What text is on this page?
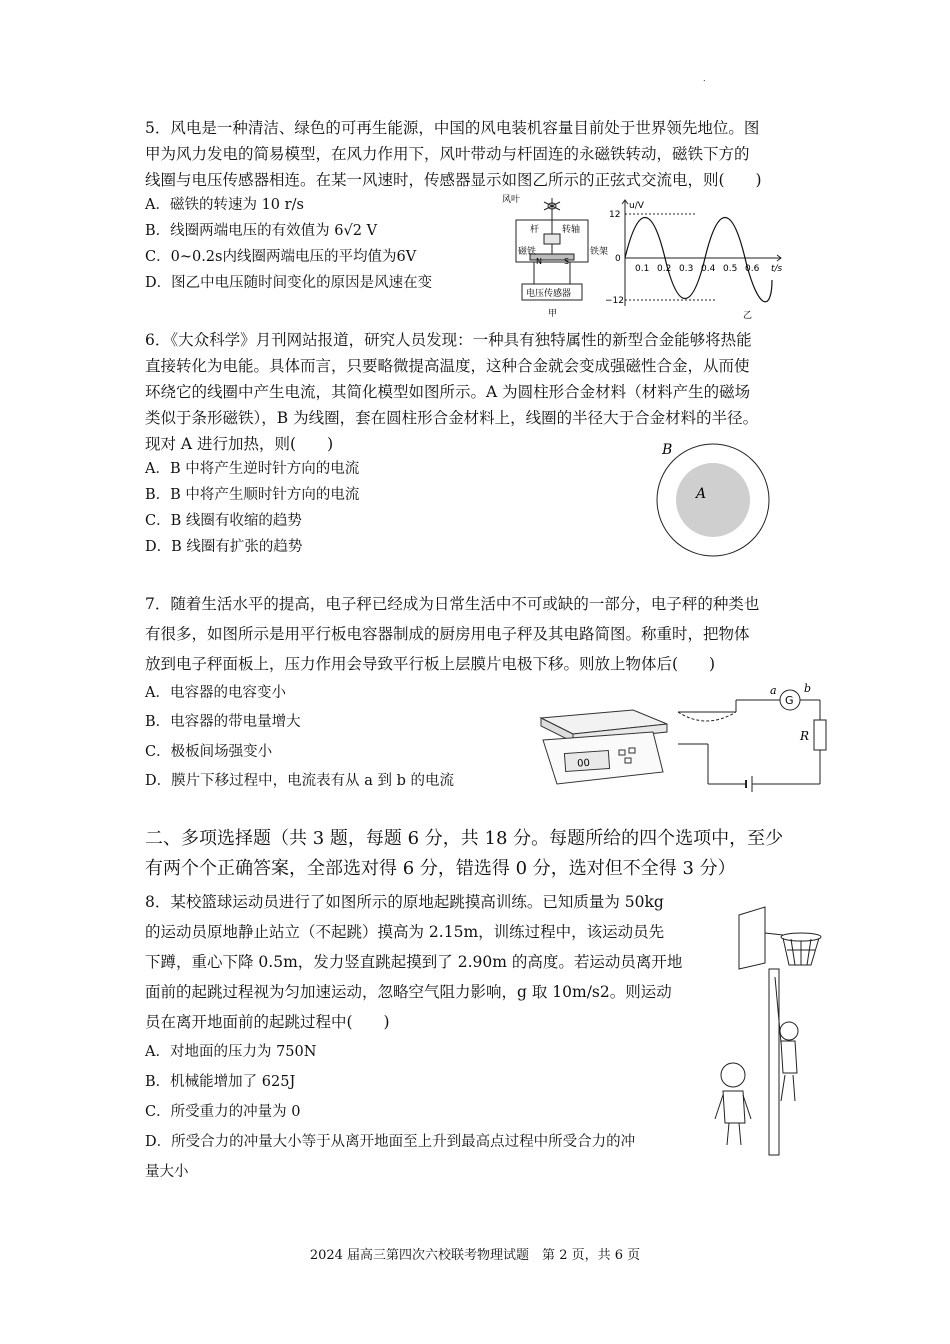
.
5．风电是一种清洁、绿色的可再生能源，中国的风电装机容量目前处于世界领先地位。图
甲为风力发电的简易模型，在风力作用下，风叶带动与杆固连的永磁铁转动，磁铁下方的
线圈与电压传感器相连。在某一风速时，传感器显示如图乙所示的正弦式交流电，则(　　)
A．磁铁的转速为 10 r/s
B．线圈两端电压的有效值为 6√2 V
C．0~0.2s内线圈两端电压的平均值为6V
D．图乙中电压随时间变化的原因是风速在变
风叶
杆	转轴
磁铁
N	S
铁架
电压传感器
甲
u/V
12
0
−12
0.1 0.2 0.3 0.4 0.5 0.6 t/s
乙
6．《大众科学》月刊网站报道，研究人员发现：一种具有独特属性的新型合金能够将热能
直接转化为电能。具体而言，只要略微提高温度，这种合金就会变成强磁性合金，从而使
环绕它的线圈中产生电流，其简化模型如图所示。A 为圆柱形合金材料（材料产生的磁场
类似于条形磁铁），B 为线圈，套在圆柱形合金材料上，线圈的半径大于合金材料的半径。
现对 A 进行加热，则(　　)
A．B 中将产生逆时针方向的电流
B．B 中将产生顺时针方向的电流
C．B 线圈有收缩的趋势
D．B 线圈有扩张的趋势
B
A
7．随着生活水平的提高，电子秤已经成为日常生活中不可或缺的一部分，电子秤的种类也
有很多，如图所示是用平行板电容器制成的厨房用电子秤及其电路简图。称重时，把物体
放到电子秤面板上，压力作用会导致平行板上层膜片电极下移。则放上物体后(　　)
A．电容器的电容变小
B．电容器的带电量增大
C．极板间场强变小
D．膜片下移过程中，电流表有从 a 到 b 的电流
00
a b
G
R
二、多项选择题（共 3 题，每题 6 分，共 18 分。每题所给的四个选项中，至少
有两个个正确答案，全部选对得 6 分，错选得 0 分，选对但不全得 3 分）
8．某校篮球运动员进行了如图所示的原地起跳摸高训练。已知质量为 50kg
的运动员原地静止站立（不起跳）摸高为 2.15m，训练过程中，该运动员先
下蹲，重心下降 0.5m，发力竖直跳起摸到了 2.90m 的高度。若运动员离开地
面前的起跳过程视为匀加速运动，忽略空气阻力影响，g 取 10m/s2。则运动
员在离开地面前的起跳过程中(　　)
A．对地面的压力为 750N
B．机械能增加了 625J
C．所受重力的冲量为 0
D．所受合力的冲量大小等于从离开地面至上升到最高点过程中所受合力的冲
量大小
2024 届高三第四次六校联考物理试题　第 2 页，共 6 页
